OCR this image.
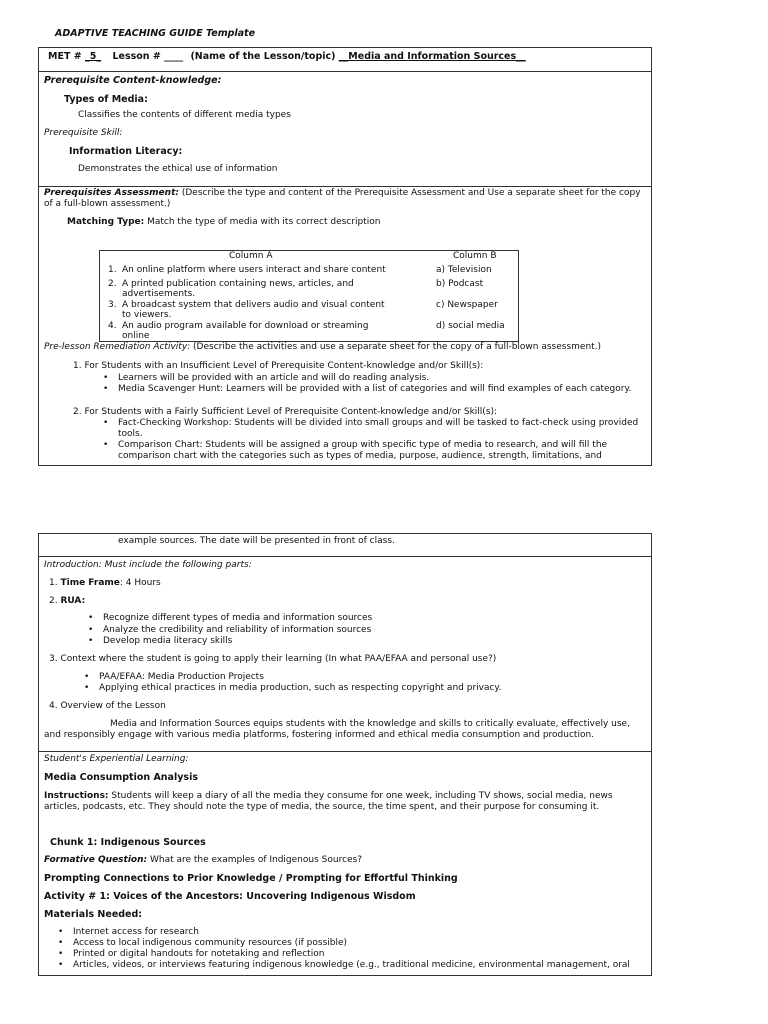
ADAPTIVE TEACHING GUIDE Template
MET # _5_ Lesson # ____ (Name of the Lesson/topic) __Media and Information Sources__
Prerequisite Content-knowledge:
Types of Media:
Classifies the contents of different media types
Prerequisite Skill:
Information Literacy:
Demonstrates the ethical use of information
Prerequisites Assessment: (Describe the type and content of the Prerequisite Assessment and Use a separate sheet for the copy
of a full-blown assessment.)
Matching Type: Match the type of media with its correct description
Column A	Column B
1. An online platform where users interact and share content	a) Television
2. A printed publication containing news, articles, and
advertisements.
b) Podcast
3. A broadcast system that delivers audio and visual content
to viewers.
c) Newspaper
4. An audio program available for download or streaming
online
d) social media
Pre-lesson Remediation Activity: (Describe the activities and use a separate sheet for the copy of a full-blown assessment.)
1. For Students with an Insufficient Level of Prerequisite Content-knowledge and/or Skill(s):
• Learners will be provided with an article and will do reading analysis.
• Media Scavenger Hunt: Learners will be provided with a list of categories and will find examples of each category.
2. For Students with a Fairly Sufficient Level of Prerequisite Content-knowledge and/or Skill(s):
• Fact-Checking Workshop: Students will be divided into small groups and will be tasked to fact-check using provided
tools.
• Comparison Chart: Students will be assigned a group with specific type of media to research, and will fill the
comparison chart with the categories such as types of media, purpose, audience, strength, limitations, and
example sources. The date will be presented in front of class.
Introduction: Must include the following parts:
1. Time Frame: 4 Hours
2. RUA:
• Recognize different types of media and information sources
• Analyze the credibility and reliability of information sources
• Develop media literacy skills
3. Context where the student is going to apply their learning (In what PAA/EFAA and personal use?)
• PAA/EFAA: Media Production Projects
• Applying ethical practices in media production, such as respecting copyright and privacy.
4. Overview of the Lesson
Media and Information Sources equips students with the knowledge and skills to critically evaluate, effectively use,
and responsibly engage with various media platforms, fostering informed and ethical media consumption and production.
Student's Experiential Learning:
Media Consumption Analysis
Instructions: Students will keep a diary of all the media they consume for one week, including TV shows, social media, news
articles, podcasts, etc. They should note the type of media, the source, the time spent, and their purpose for consuming it.
Chunk 1: Indigenous Sources
Formative Question: What are the examples of Indigenous Sources?
Prompting Connections to Prior Knowledge / Prompting for Effortful Thinking
Activity # 1: Voices of the Ancestors: Uncovering Indigenous Wisdom
Materials Needed:
• Internet access for research
• Access to local indigenous community resources (if possible)
• Printed or digital handouts for notetaking and reflection
• Articles, videos, or interviews featuring indigenous knowledge (e.g., traditional medicine, environmental management, oral
